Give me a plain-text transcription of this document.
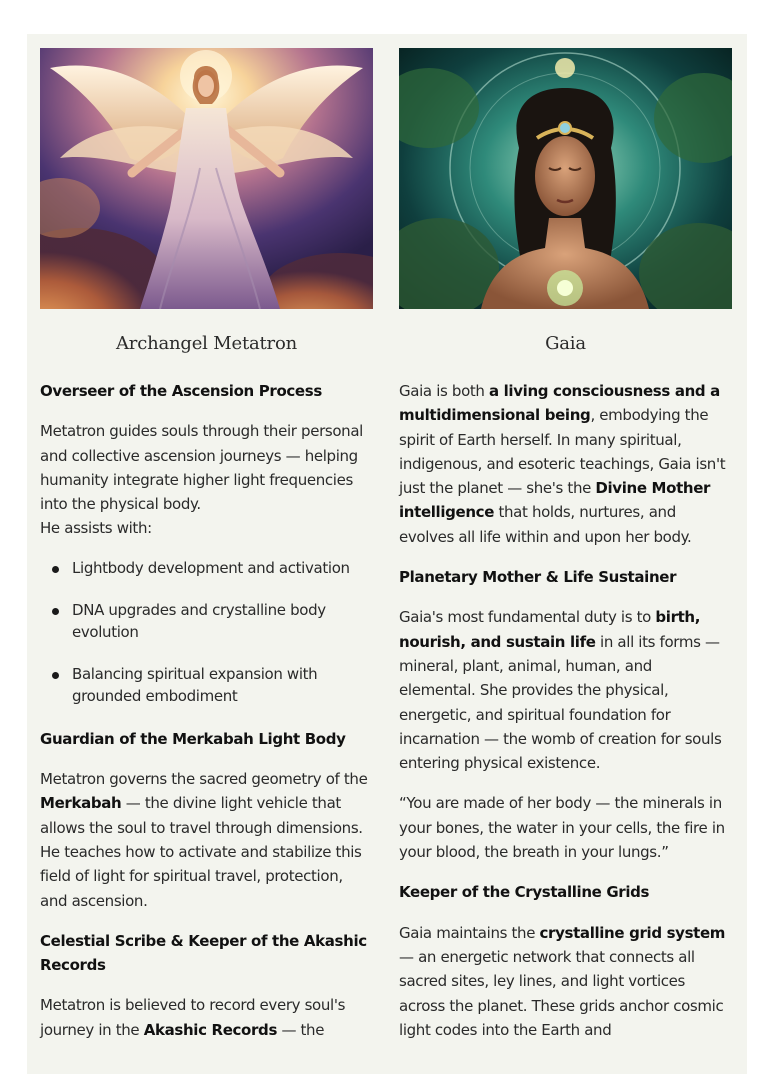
Archangel Metatron
Overseer of the Ascension Process

Metatron guides souls through their personal and collective ascension journeys — helping humanity integrate higher light frequencies into the physical body.
He assists with:

Lightbody development and activation
DNA upgrades and crystalline body evolution
Balancing spiritual expansion with grounded embodiment
Guardian of the Merkabah Light Body

Metatron governs the sacred geometry of the Merkabah — the divine light vehicle that allows the soul to travel through dimensions.
He teaches how to activate and stabilize this field of light for spiritual travel, protection, and ascension.

Celestial Scribe & Keeper of the Akashic Records

Metatron is believed to record every soul's journey in the Akashic Records — the

Gaia

Gaia is both a living consciousness and a multidimensional being, embodying the spirit of Earth herself. In many spiritual, indigenous, and esoteric teachings, Gaia isn't just the planet — she's the Divine Mother intelligence that holds, nurtures, and evolves all life within and upon her body.

Planetary Mother & Life Sustainer

Gaia's most fundamental duty is to birth, nourish, and sustain life in all its forms — mineral, plant, animal, human, and elemental. She provides the physical, energetic, and spiritual foundation for incarnation — the womb of creation for souls entering physical existence.

“You are made of her body — the minerals in your bones, the water in your cells, the fire in your blood, the breath in your lungs.”

Keeper of the Crystalline Grids

Gaia maintains the crystalline grid system — an energetic network that connects all sacred sites, ley lines, and light vortices across the planet. These grids anchor cosmic light codes into the Earth and
